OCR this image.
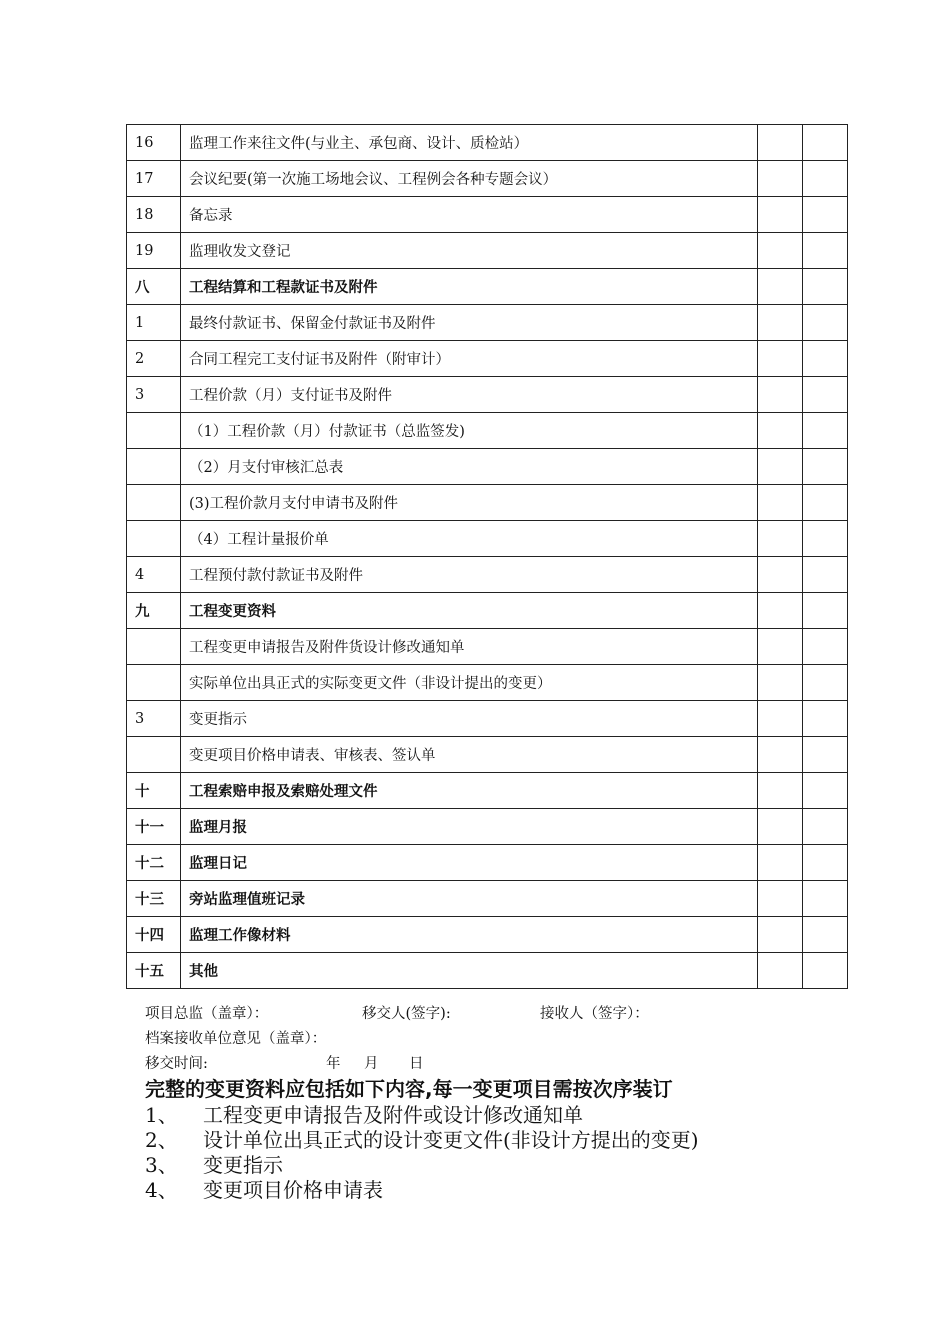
16	监理工作来往文件(与业主、承包商、设计、质检站）		
17	会议纪要(第一次施工场地会议、工程例会各种专题会议）		
18	备忘录		
19	监理收发文登记		
八	工程结算和工程款证书及附件		
1	最终付款证书、保留金付款证书及附件		
2	合同工程完工支付证书及附件（附审计）		
3	工程价款（月）支付证书及附件		
	（1）工程价款（月）付款证书（总监签发)		
	（2）月支付审核汇总表		
	(3)工程价款月支付申请书及附件		
	（4）工程计量报价单		
4	工程预付款付款证书及附件		
九	工程变更资料		
	工程变更申请报告及附件货设计修改通知单		
	实际单位出具正式的实际变更文件（非设计提出的变更）		
3	变更指示		
	变更项目价格申请表、审核表、签认单		
十	工程索赔申报及索赔处理文件		
十一	监理月报		
十二	监理日记		
十三	旁站监理值班记录		
十四	监理工作像材料		
十五	其他		
项目总监（盖章）：	移交人(签字):	接收人（签字）：
档案接收单位意见（盖章）：
移交时间:	年 月 日
完整的变更资料应包括如下内容,每一变更项目需按次序装订
1、 工程变更申请报告及附件或设计修改通知单
2、 设计单位出具正式的设计变更文件(非设计方提出的变更)
3、 变更指示
4、 变更项目价格申请表
